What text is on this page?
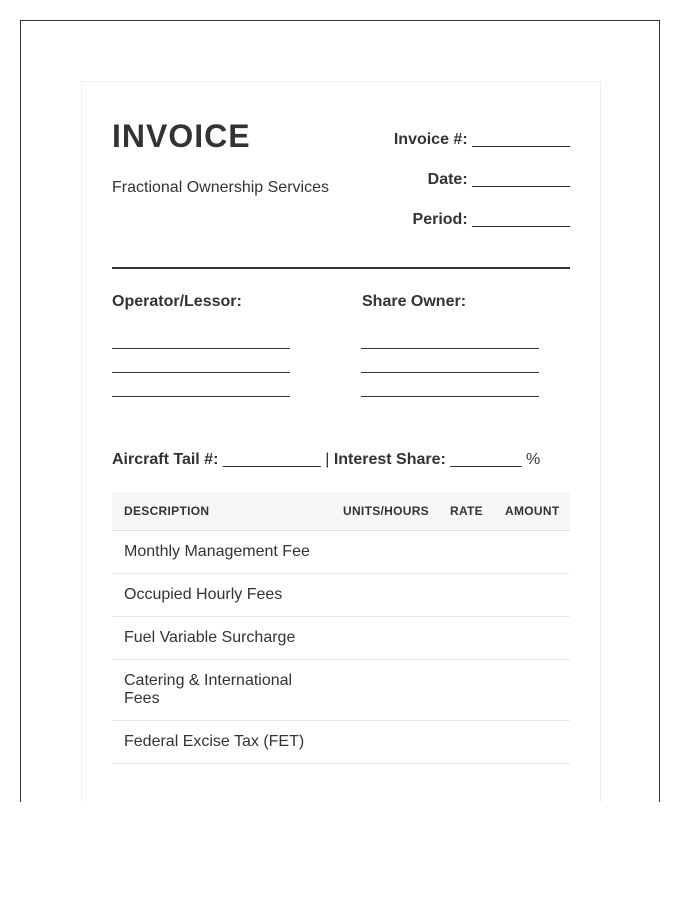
INVOICE
Fractional Ownership Services
Invoice #: ___________
Date: ___________
Period: ___________
Operator/Lessor:	Share Owner:
Aircraft Tail #: ___________ | Interest Share: ________ %
DESCRIPTION	UNITS/HOURS RATE AMOUNT
Monthly Management Fee
Occupied Hourly Fees
Fuel Variable Surcharge
Catering & International Fees
Federal Excise Tax (FET)
